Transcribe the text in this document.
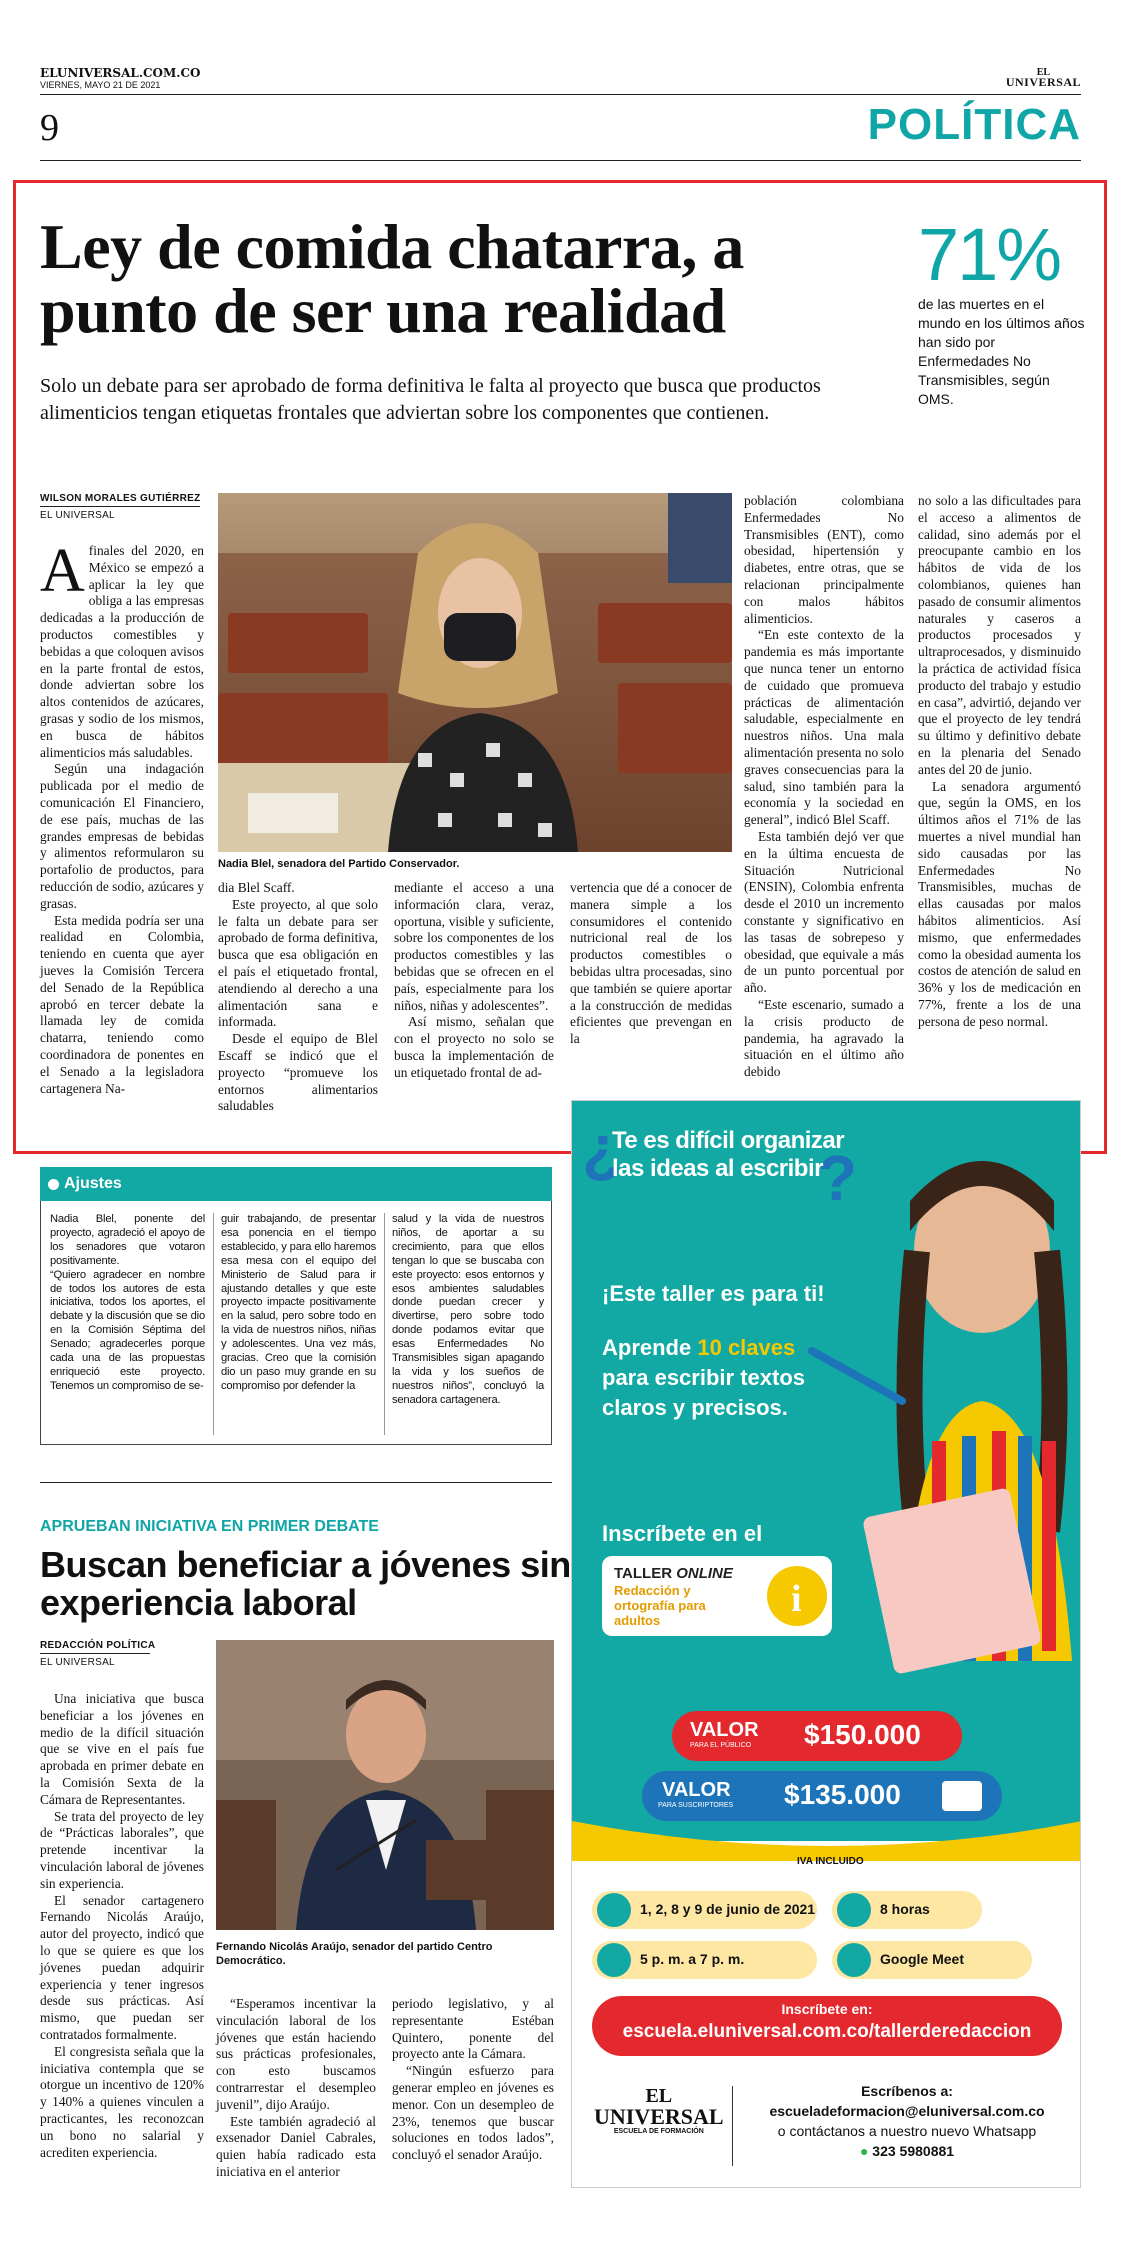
ELUNIVERSAL.COM.CO
VIERNES, MAYO 21 DE 2021
EL
UNIVERSAL
9	POLÍTICA
Ley de comida chatarra, a punto de ser una realidad
Solo un debate para ser aprobado de forma definitiva le falta al proyecto que busca que productos alimenticios tengan etiquetas frontales que adviertan sobre los componentes que contienen.
71%
de las muertes en el mundo en los últimos años han sido por Enfermedades No Transmisibles, según OMS.
WILSON MORALES GUTIÉRREZ
EL UNIVERSAL
Nadia Blel, senadora del Partido Conservador.

Afinales del 2020, en México se empezó a aplicar la ley que obliga a las empresas dedicadas a la producción de productos comestibles y bebidas a que coloquen avisos en la parte frontal de estos, donde adviertan sobre los altos contenidos de azúcares, grasas y sodio de los mismos, en busca de hábitos alimenticios más saludables.

Según una indagación publicada por el medio de comunicación El Financiero, de ese país, muchas de las grandes empresas de bebidas y alimentos reformularon su portafolio de productos, para reducción de sodio, azúcares y grasas.

Esta medida podría ser una realidad en Colombia, teniendo en cuenta que ayer jueves la Comisión Tercera del Senado de la República aprobó en tercer debate la llamada ley de comida chatarra, teniendo como coordinadora de ponentes en el Senado a la legisladora cartagenera Na-

dia Blel Scaff.

Este proyecto, al que solo le falta un debate para ser aprobado de forma definitiva, busca que esa obligación en el país el etiquetado frontal, atendiendo al derecho a una alimentación sana e informada.

Desde el equipo de Blel Escaff se indicó que el proyecto “promueve los entornos alimentarios saludables

mediante el acceso a una información clara, veraz, oportuna, visible y suficiente, sobre los componentes de los productos comestibles y las bebidas que se ofrecen en el país, especialmente para los niños, niñas y adolescentes”.

Así mismo, señalan que con el proyecto no solo se busca la implementación de un etiquetado frontal de ad-

vertencia que dé a conocer de manera simple a los consumidores el contenido nutricional real de los productos comestibles o bebidas ultra procesadas, sino que también se quiere aportar a la construcción de medidas eficientes que prevengan en la

población colombiana Enfermedades No Transmisibles (ENT), como obesidad, hipertensión y diabetes, entre otras, que se relacionan principalmente con malos hábitos alimenticios.

“En este contexto de la pandemia es más importante que nunca tener un entorno de cuidado que promueva prácticas de alimentación saludable, especialmente en nuestros niños. Una mala alimentación presenta no solo graves consecuencias para la salud, sino también para la economía y la sociedad en general”, indicó Blel Scaff.

Esta también dejó ver que en la última encuesta de Situación Nutricional (ENSIN), Colombia enfrenta desde el 2010 un incremento constante y significativo en las tasas de sobrepeso y obesidad, que equivale a más de un punto porcentual por año.

“Este escenario, sumado a la crisis producto de pandemia, ha agravado la situación en el último año debido

no solo a las dificultades para el acceso a alimentos de calidad, sino además por el preocupante cambio en los hábitos de vida de los colombianos, quienes han pasado de consumir alimentos naturales y caseros a productos procesados y ultraprocesados, y disminuido la práctica de actividad física producto del trabajo y estudio en casa”, advirtió, dejando ver que el proyecto de ley tendrá su último y definitivo debate en la plenaria del Senado antes del 20 de junio.

La senadora argumentó que, según la OMS, en los últimos años el 71% de las muertes a nivel mundial han sido causadas por las Enfermedades No Transmisibles, muchas de ellas causadas por malos hábitos alimenticios. Así mismo, que enfermedades como la obesidad aumenta los costos de atención de salud en 36% y los de medicación en 77%, frente a los de una persona de peso normal.

Ajustes

Nadia Blel, ponente del proyecto, agradeció el apoyo de los senadores que votaron positivamente.

“Quiero agradecer en nombre de todos los autores de esta iniciativa, todos los aportes, el debate y la discusión que se dio en la Comisión Séptima del Senado; agradecerles porque cada una de las propuestas enriqueció este proyecto. Tenemos un compromiso de se-

guir trabajando, de presentar esa ponencia en el tiempo establecido, y para ello haremos esa mesa con el equipo del Ministerio de Salud para ir ajustando detalles y que este proyecto impacte positivamente en la salud, pero sobre todo en la vida de nuestros niños, niñas y adolescentes. Una vez más, gracias. Creo que la comisión dio un paso muy grande en su compromiso por defender la

salud y la vida de nuestros niños, de aportar a su crecimiento, para que ellos tengan lo que se buscaba con este proyecto: esos entornos y esos ambientes saludables donde puedan crecer y divertirse, pero sobre todo donde podamos evitar que esas Enfermedades No Transmisibles sigan apagando la vida y los sueños de nuestros niños”, concluyó la senadora cartagenera.

APRUEBAN INICIATIVA EN PRIMER DEBATE
Buscan beneficiar a jóvenes sin experiencia laboral
REDACCIÓN POLÍTICA
EL UNIVERSAL
Fernando Nicolás Araújo, senador del partido Centro Democrático.

Una iniciativa que busca beneficiar a los jóvenes en medio de la difícil situación que se vive en el país fue aprobada en primer debate en la Comisión Sexta de la Cámara de Representantes.

Se trata del proyecto de ley de “Prácticas laborales”, que pretende incentivar la vinculación laboral de jóvenes sin experiencia.

El senador cartagenero Fernando Nicolás Araújo, autor del proyecto, indicó que lo que se quiere es que los jóvenes puedan adquirir experiencia y tener ingresos desde sus prácticas. Así mismo, que puedan ser contratados formalmente.

El congresista señala que la iniciativa contempla que se otorgue un incentivo de 120% y 140% a quienes vinculen a practicantes, les reconozcan un bono no salarial y acrediten experiencia.

“Esperamos incentivar la vinculación laboral de los jóvenes que están haciendo sus prácticas profesionales, con esto buscamos contrarrestar el desempleo juvenil”, dijo Araújo.

Este también agradeció al exsenador Daniel Cabrales, quien había radicado esta iniciativa en el anterior

periodo legislativo, y al representante Estéban Quintero, ponente del proyecto ante la Cámara.

“Ningún esfuerzo para generar empleo en jóvenes es menor. Con un desempleo de 23%, tenemos que buscar soluciones en todos lados”, concluyó el senador Araújo.

i
¿	?
Te es difícil organizar
las ideas al escribir
¡Este taller es para ti!
Aprende 10 claves para escribir textos claros y precisos.
Inscríbete en el
TALLER ONLINE
Redacción y ortografía para adultos
VALOR
PARA EL PÚBLICO $150.000
VALOR
PARA SUSCRIPTORES $135.000
IVA INCLUIDO
1, 2, 8 y 9 de junio de 2021	8 horas
5 p. m. a 7 p. m.	Google Meet
Inscríbete en:
escuela.eluniversal.com.co/tallerderedaccion
EL
UNIVERSAL
ESCUELA DE FORMACIÓN
Escríbenos a:
escueladeformacion@eluniversal.com.co
o contáctanos a nuestro nuevo Whatsapp
● 323 5980881
